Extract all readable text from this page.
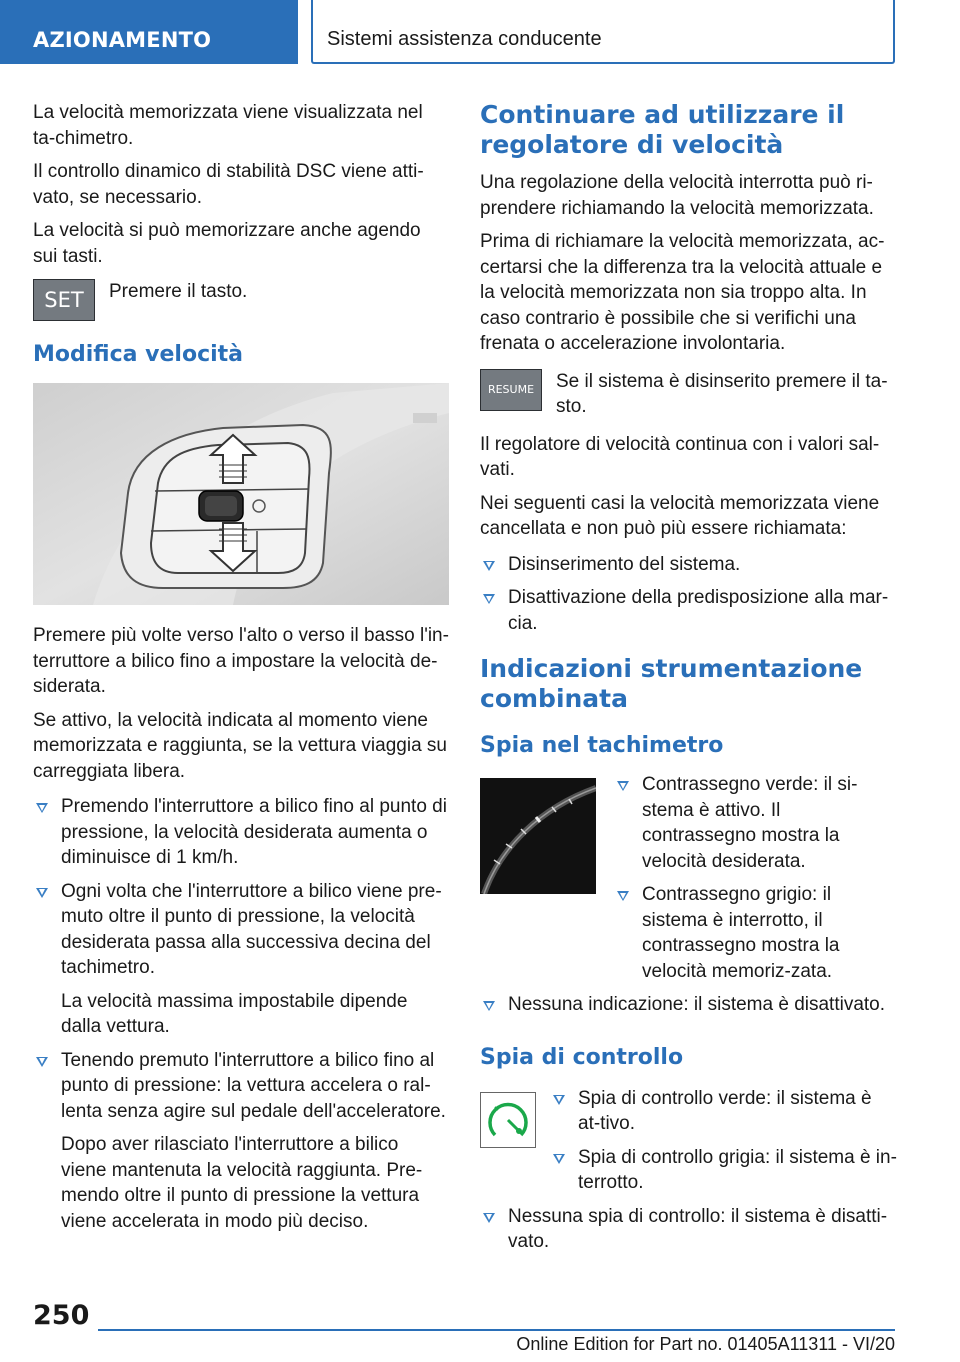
AZIONAMENTO	Sistemi assistenza conducente

La velocità memorizzata viene visualizzata nel ta-chimetro.

Il controllo dinamico di stabilità DSC viene atti-vato, se necessario.

La velocità si può memorizzare anche agendo sui tasti.

SET Premere il tasto.

Modifica velocità

Premere più volte verso l'alto o verso il basso l'in-terruttore a bilico fino a impostare la velocità de-siderata.

Se attivo, la velocità indicata al momento viene memorizzata e raggiunta, se la vettura viaggia su carreggiata libera.

Premendo l'interruttore a bilico fino al punto di pressione, la velocità desiderata aumenta o diminuisce di 1 km/h.
Ogni volta che l'interruttore a bilico viene pre-muto oltre il punto di pressione, la velocità desiderata passa alla successiva decina del tachimetro.

La velocità massima impostabile dipende dalla vettura.

Tenendo premuto l'interruttore a bilico fino al punto di pressione: la vettura accelera o ral-lenta senza agire sul pedale dell'acceleratore.

Dopo aver rilasciato l'interruttore a bilico viene mantenuta la velocità raggiunta. Pre-mendo oltre il punto di pressione la vettura viene accelerata in modo più deciso.

Continuare ad utilizzare il regolatore di velocità

Una regolazione della velocità interrotta può ri-prendere richiamando la velocità memorizzata.

Prima di richiamare la velocità memorizzata, ac-certarsi che la differenza tra la velocità attuale e la velocità memorizzata non sia troppo alta. In caso contrario è possibile che si verifichi una frenata o accelerazione involontaria.

RESUME Se il sistema è disinserito premere il ta-sto.

Il regolatore di velocità continua con i valori sal-vati.

Nei seguenti casi la velocità memorizzata viene cancellata e non può più essere richiamata:

Disinserimento del sistema.
Disattivazione della predisposizione alla mar-cia.
Indicazioni strumentazione combinata
Spia nel tachimetro
Contrassegno verde: il si-stema è attivo. Il contrassegno mostra la velocità desiderata.
Contrassegno grigio: il sistema è interrotto, il contrassegno mostra la velocità memoriz-zata.
Nessuna indicazione: il sistema è disattivato.
Spia di controllo
Spia di controllo verde: il sistema è at-tivo.
Spia di controllo grigia: il sistema è in-terrotto.
Nessuna spia di controllo: il sistema è disatti-vato.
250
Online Edition for Part no. 01405A11311 - VI/20
